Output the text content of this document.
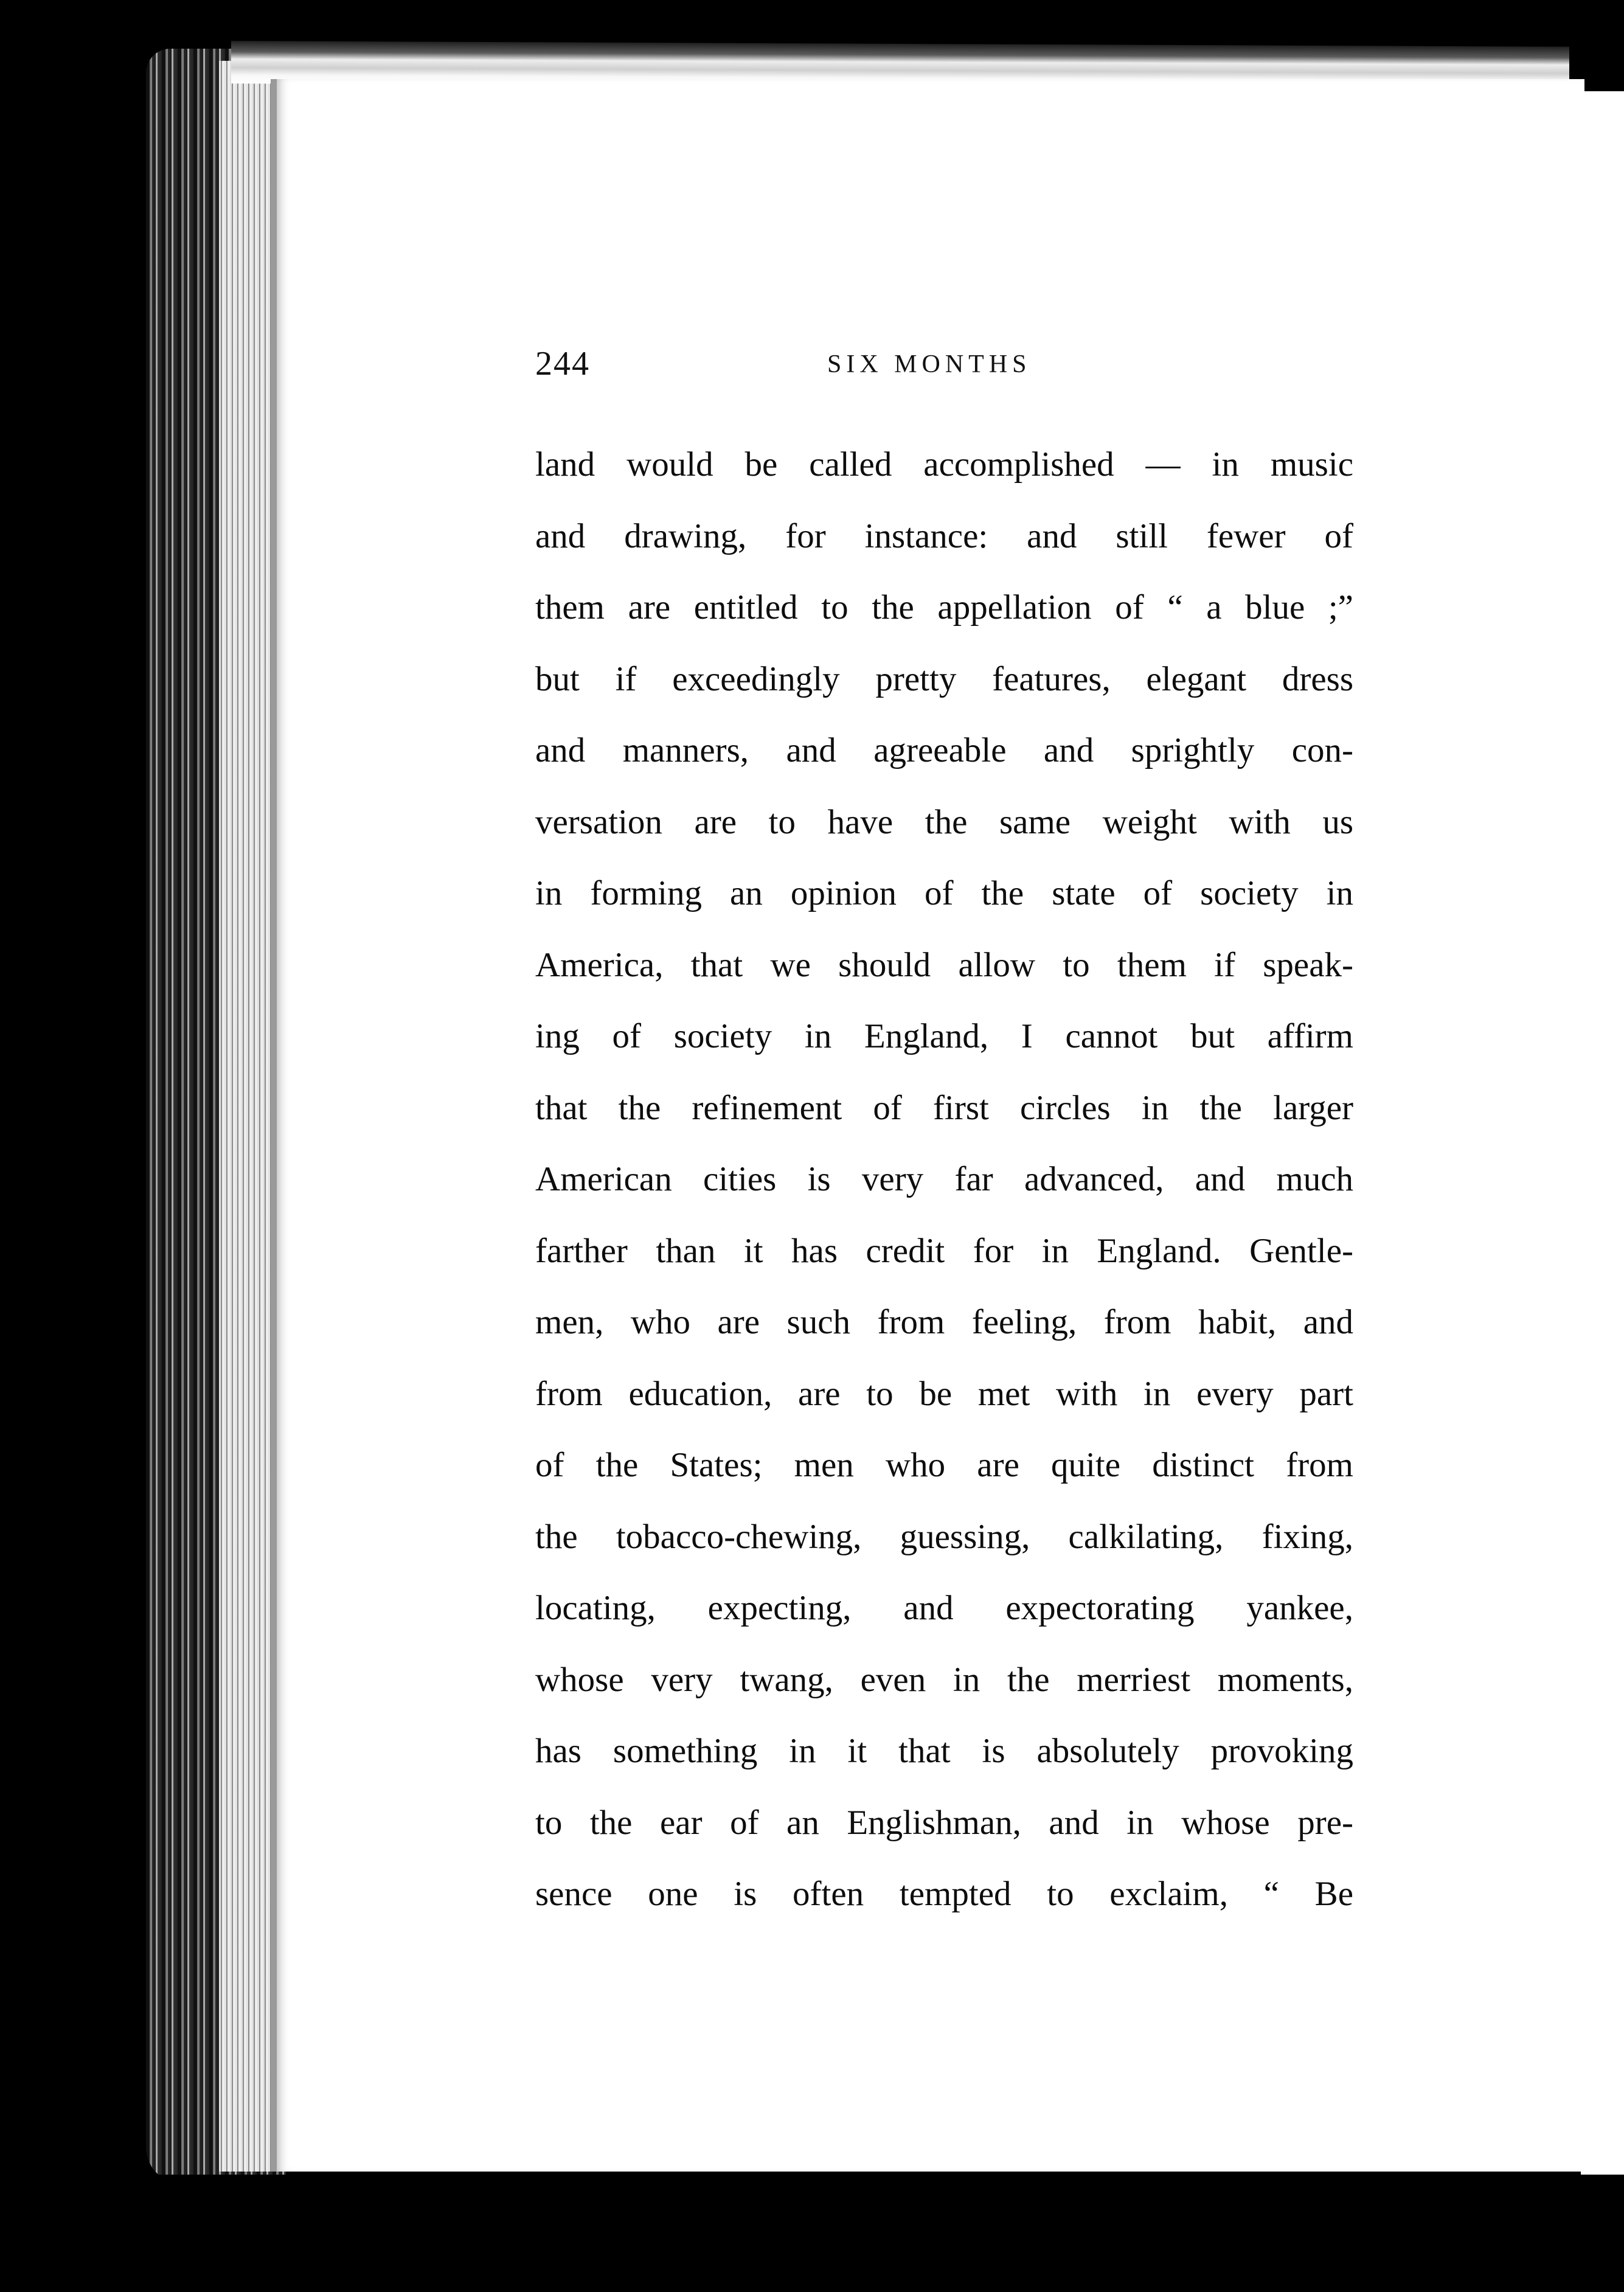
244	SIX MONTHS
land would be called accomplished — in music
and drawing, for instance: and still fewer of
them are entitled to the appellation of “ a blue ;”
but if exceedingly pretty features, elegant dress
and manners, and agreeable and sprightly con-
versation are to have the same weight with us
in forming an opinion of the state of society in
America, that we should allow to them if speak-
ing of society in England, I cannot but affirm
that the refinement of first circles in the larger
American cities is very far advanced, and much
farther than it has credit for in England. Gentle-
men, who are such from feeling, from habit, and
from education, are to be met with in every part
of the States; men who are quite distinct from
the tobacco-chewing, guessing, calkilating, fixing,
locating, expecting, and expectorating yankee,
whose very twang, even in the merriest moments,
has something in it that is absolutely provoking
to the ear of an Englishman, and in whose pre-
sence one is often tempted to exclaim, “ Be
